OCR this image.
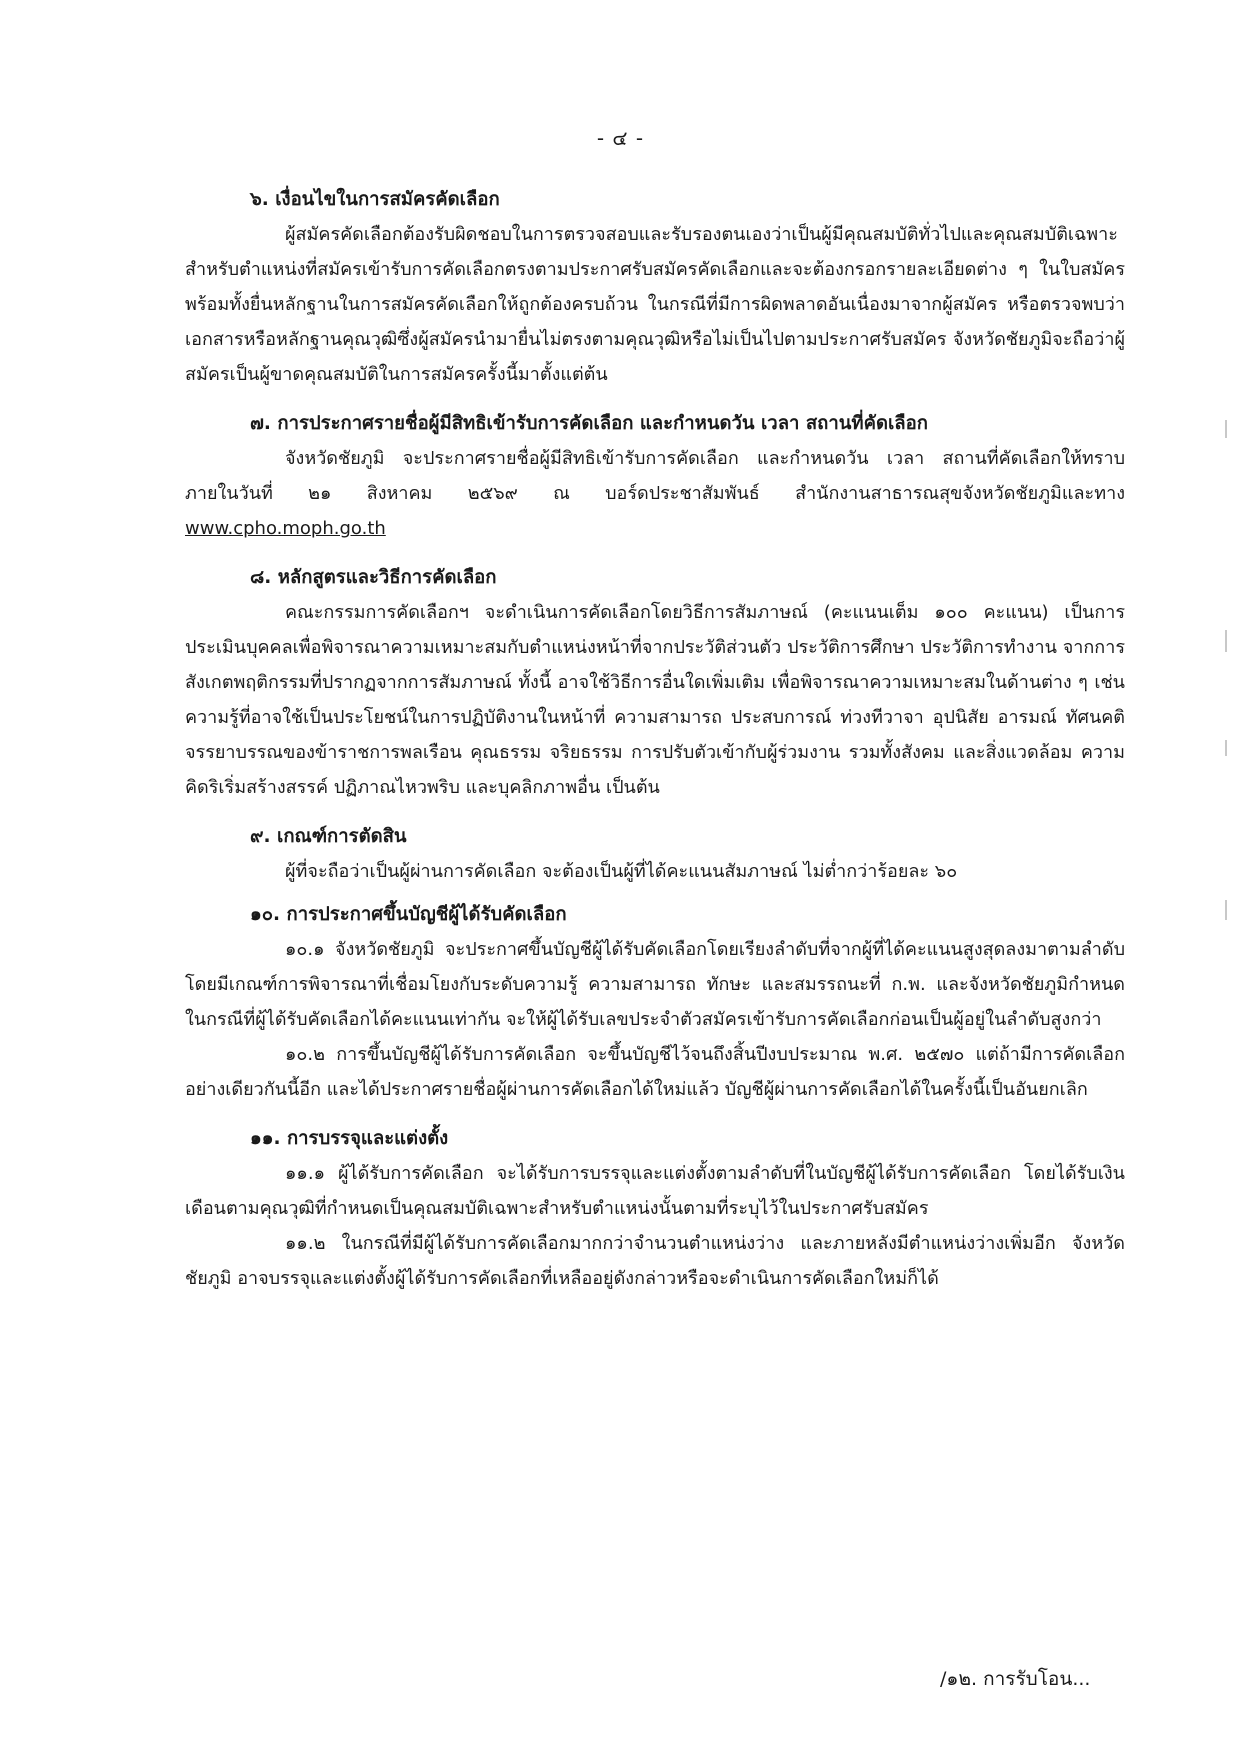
- ๔ -

๖. เงื่อนไขในการสมัครคัดเลือก

ผู้สมัครคัดเลือกต้องรับผิดชอบในการตรวจสอบและรับรองตนเองว่าเป็นผู้มีคุณสมบัติทั่วไปและคุณสมบัติเฉพาะสำหรับตำแหน่งที่สมัครเข้ารับการคัดเลือกตรงตามประกาศรับสมัครคัดเลือกและจะต้องกรอกรายละเอียดต่าง ๆ ในใบสมัคร พร้อมทั้งยื่นหลักฐานในการสมัครคัดเลือกให้ถูกต้องครบถ้วน ในกรณีที่มีการผิดพลาดอันเนื่องมาจากผู้สมัคร หรือตรวจพบว่าเอกสารหรือหลักฐานคุณวุฒิซึ่งผู้สมัครนำมายื่นไม่ตรงตามคุณวุฒิหรือไม่เป็นไปตามประกาศรับสมัคร จังหวัดชัยภูมิจะถือว่าผู้สมัครเป็นผู้ขาดคุณสมบัติในการสมัครครั้งนี้มาตั้งแต่ต้น

๗. การประกาศรายชื่อผู้มีสิทธิเข้ารับการคัดเลือก และกำหนดวัน เวลา สถานที่คัดเลือก

จังหวัดชัยภูมิ จะประกาศรายชื่อผู้มีสิทธิเข้ารับการคัดเลือก และกำหนดวัน เวลา สถานที่คัดเลือกให้ทราบภายในวันที่ ๒๑ สิงหาคม ๒๕๖๙ ณ บอร์ดประชาสัมพันธ์ สำนักงานสาธารณสุขจังหวัดชัยภูมิและทาง www.cpho.moph.go.th

๘. หลักสูตรและวิธีการคัดเลือก

คณะกรรมการคัดเลือกฯ จะดำเนินการคัดเลือกโดยวิธีการสัมภาษณ์ (คะแนนเต็ม ๑๐๐ คะแนน) เป็นการประเมินบุคคลเพื่อพิจารณาความเหมาะสมกับตำแหน่งหน้าที่จากประวัติส่วนตัว ประวัติการศึกษา ประวัติการทำงาน จากการสังเกตพฤติกรรมที่ปรากฏจากการสัมภาษณ์ ทั้งนี้ อาจใช้วิธีการอื่นใดเพิ่มเติม เพื่อพิจารณาความเหมาะสมในด้านต่าง ๆ เช่น ความรู้ที่อาจใช้เป็นประโยชน์ในการปฏิบัติงานในหน้าที่ ความสามารถ ประสบการณ์ ท่วงทีวาจา อุปนิสัย อารมณ์ ทัศนคติ จรรยาบรรณของข้าราชการพลเรือน คุณธรรม จริยธรรม การปรับตัวเข้ากับผู้ร่วมงาน รวมทั้งสังคม และสิ่งแวดล้อม ความคิดริเริ่มสร้างสรรค์ ปฏิภาณไหวพริบ และบุคลิกภาพอื่น เป็นต้น

๙. เกณฑ์การตัดสิน

ผู้ที่จะถือว่าเป็นผู้ผ่านการคัดเลือก จะต้องเป็นผู้ที่ได้คะแนนสัมภาษณ์ ไม่ต่ำกว่าร้อยละ ๖๐

๑๐. การประกาศขึ้นบัญชีผู้ได้รับคัดเลือก

๑๐.๑ จังหวัดชัยภูมิ จะประกาศขึ้นบัญชีผู้ได้รับคัดเลือกโดยเรียงลำดับที่จากผู้ที่ได้คะแนนสูงสุดลงมาตามลำดับ โดยมีเกณฑ์การพิจารณาที่เชื่อมโยงกับระดับความรู้ ความสามารถ ทักษะ และสมรรถนะที่ ก.พ. และจังหวัดชัยภูมิกำหนด ในกรณีที่ผู้ได้รับคัดเลือกได้คะแนนเท่ากัน จะให้ผู้ได้รับเลขประจำตัวสมัครเข้ารับการคัดเลือกก่อนเป็นผู้อยู่ในลำดับสูงกว่า

๑๐.๒ การขึ้นบัญชีผู้ได้รับการคัดเลือก จะขึ้นบัญชีไว้จนถึงสิ้นปีงบประมาณ พ.ศ. ๒๕๗๐ แต่ถ้ามีการคัดเลือกอย่างเดียวกันนี้อีก และได้ประกาศรายชื่อผู้ผ่านการคัดเลือกได้ใหม่แล้ว บัญชีผู้ผ่านการคัดเลือกได้ในครั้งนี้เป็นอันยกเลิก

๑๑. การบรรจุและแต่งตั้ง

๑๑.๑ ผู้ได้รับการคัดเลือก จะได้รับการบรรจุและแต่งตั้งตามลำดับที่ในบัญชีผู้ได้รับการคัดเลือก โดยได้รับเงินเดือนตามคุณวุฒิที่กำหนดเป็นคุณสมบัติเฉพาะสำหรับตำแหน่งนั้นตามที่ระบุไว้ในประกาศรับสมัคร

๑๑.๒ ในกรณีที่มีผู้ได้รับการคัดเลือกมากกว่าจำนวนตำแหน่งว่าง และภายหลังมีตำแหน่งว่างเพิ่มอีก จังหวัดชัยภูมิ อาจบรรจุและแต่งตั้งผู้ได้รับการคัดเลือกที่เหลืออยู่ดังกล่าวหรือจะดำเนินการคัดเลือกใหม่ก็ได้

/๑๒. การรับโอน...
